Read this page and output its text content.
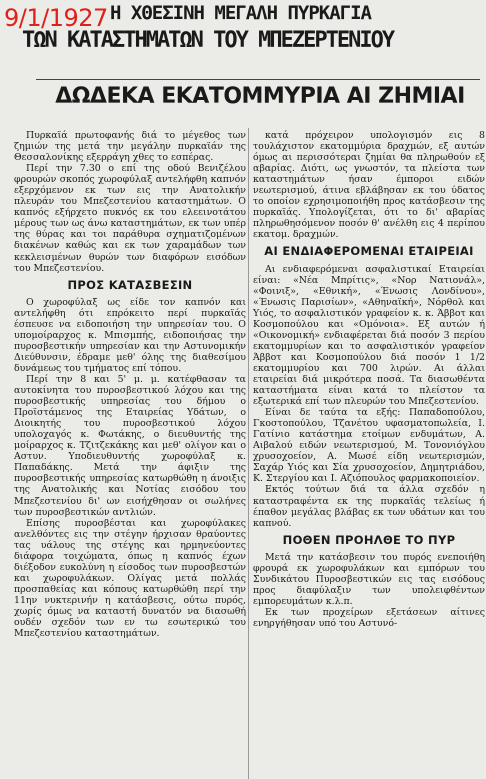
9/1/1927 Η ΧΘΕΣΙΝΗ ΜΕΓΑΛΗ ΠΥΡΚΑΓΙΑ
ΤΩΝ ΚΑΤΑΣΤΗΜΑΤΩΝ ΤΟΥ ΜΠΕΖΕΡΤΕΝΙΟΥ
ΔΩΔΕΚΑ ΕΚΑΤΟΜΜΥΡΙΑ ΑΙ ΖΗΜΙΑΙ

Πυρκαϊά πρωτοφανής διά το μέγεθος των ζημιών της μετά την μεγάλην πυρκαϊάν της Θεσσαλονίκης εξερράγη χθες το εσπέρας.

Περί την 7.30 ο επί της οδού Βενιζέλου φρουρών σκοπός χωροφύλαξ αντελήφθη καπνόν εξερχόμενον εκ των εις την Ανατολικήν πλευράν του Μπεζεστενίου καταστημάτων. Ο καπνός εξήρχετο πυκνός εκ του ελεεινοτάτου μέρους των ως άνω καταστημάτων, εκ των υπέρ της θύρας και τοι παράθυρα σχηματιζομένων διακένων καθώς και εκ των χαραμάδων των κεκλεισμένων θυρών των διαφόρων εισόδων του Μπεζεστενίου.

ΠΡΟΣ ΚΑΤΑΣΒΕΣΙΝ

Ο χωροφύλαξ ως είδε τον καπνόν και αντελήφθη ότι επρόκειτο περί πυρκαϊάς έσπευσε να ειδοποιήση την υπηρεσίαν του. Ο υπομοίραρχος κ. Μπισμπής, ειδοποιήσας την πυροσβεστικήν υπηρεσίαν και την Αστυνομικήν Διεύθυνσιν, έδραμε μεθ' όλης της διαθεσίμου δυνάμεως του τμήματος επί τόπου.

Περί την 8 και 5' μ. μ. κατέφθασαν τα αυτοκίνητα του πυροσβεστικού λόχου και της πυροσβεστικής υπηρεσίας του δήμου ο Προϊστάμενος της Εταιρείας Υδάτων, ο Διοικητής του πυροσβεστικού λόχου υπολοχαγός κ. Φωτάκης, ο διευθυντής της μοίραρχος κ. Τζιτζεκάκης και μεθ' ολίγον και ο Αστυν. Υποδιευθυντής χωροφύλαξ κ. Παπαδάκης. Μετά την άφιξιν της πυροσβεστικής υπηρεσίας κατωρθώθη η άνοιξις της Ανατολικής και Νοτίας εισόδου του Μπεζεστενίου δι' ων εισήχθησαν οι σωλήνες των πυροσβεστικών αντλιών.

Επίσης πυροσβέσται και χωροφύλακες ανελθόντες εις την στέγην ήρχισαν θραύοντες τας υάλους της στέγης και ηρμηνεύοντες διάφορα τοιχώματα, όπως η καπνός έχων διέξοδον ευκολύνη η είσοδος των πυροσβεστών και χωροφυλάκων. Ολίγας μετά πολλάς προσπαθείας και κόπους κατωρθώθη περί την 11ην νυκτερινήν η κατάσβεσις, ούτω πυρός, χωρίς όμως να καταστή δυνατόν να διασωθή ουδέν σχεδόν των εν τω εσωτερικώ του Μπεζεστενίου καταστημάτων.

κατά πρόχειρον υπολογισμόν εις 8 τουλάχιστον εκατομμύρια δραχμών, εξ αυτών όμως αι περισσότεραι ζημίαι θα πληρωθούν εξ αβαρίας. Διότι, ως γνωστόν, τα πλείστα των καταστημάτων ήσαν έμποροι ειδών νεωτερισμού, άτινα εβλάβησαν εκ του ύδατος το οποίον εχρησιμοποιήθη προς κατάσβεσιν της πυρκαϊάς. Υπολογίζεται, ότι το δι' αβαρίας πληρωθησόμενον ποσόν θ' ανέλθη εις 4 περίπου εκατομ. δραχμών.

ΑΙ ΕΝΔΙΑΦΕΡΟΜΕΝΑΙ ΕΤΑΙΡΕΙΑΙ

Αι ενδιαφερόμεναι ασφαλιστικαί Εταιρείαι είναι: «Νέα Μπρίτις», «Νορ Νατιονάλ», «Φοινιξ», «Εθνική», «Ένωσις Λονδίνου», «Ένωσις Παρισίων», «Αθηναϊκή», Νόρθολ και Υιός, το ασφαλιστικόν γραφείον κ. κ. Άββοτ και Κοσμοπούλου και «Ομόνοια». Εξ αυτών ή «Οικονομική» ενδιαφέρεται διά ποσόν 3 περίου εκατομμυρίων και το ασφαλιστικόν γραφείον Άββοτ και Κοσμοπούλου διά ποσόν 1 1/2 εκατομμυρίου και 700 λιρών. Αι άλλαι εταιρείαι διά μικρότερα ποσά. Τα διασωθέντα καταστήματα είναι κατά το πλείστον τα εξωτερικά επί των πλευρών του Μπεζεστενίου.

Είναι δε ταύτα τα εξής: Παπαδοπούλου, Γκοστοπούλου, Τζανέτου υφασματοπωλεία, Ι. Γατίνιο κατάστημα ετοίμων ενδυμάτων, Α. Αιβαλού ειδών νεωτερισμού, Μ. Τονονιόγλου χρυσοχοείον, Α. Μωσέ είδη νεωτερισμών, Σαχάρ Υιός και Σία χρυσοχοείον, Δημητριάδου, Κ. Στεργίου και Ι. Αζιόπουλος φαρμακοποιείον.

Εκτός τούτων διά τα άλλα σχεδόν η καταστραφέντα εκ της πυρκαϊάς τελείως ή έπαθον μεγάλας βλάβας εκ των υδάτων και του καπνού.

ΠΟΘΕΝ ΠΡΟΗΛΘΕ ΤΟ ΠΥΡ

Μετά την κατάσβεσιν του πυρός ενεποιήθη φρουρά εκ χωροφυλάκων και εμπόρων του Συνδικάτου Πυροσβεστικών εις τας εισόδους προς διαφύλαξιν των υπολειφθέντων εμπορευμάτων κ.λ.π.

Εκ των προχείρων εξετάσεων αίτινες ενηργήθησαν υπό του Αστυνό-
